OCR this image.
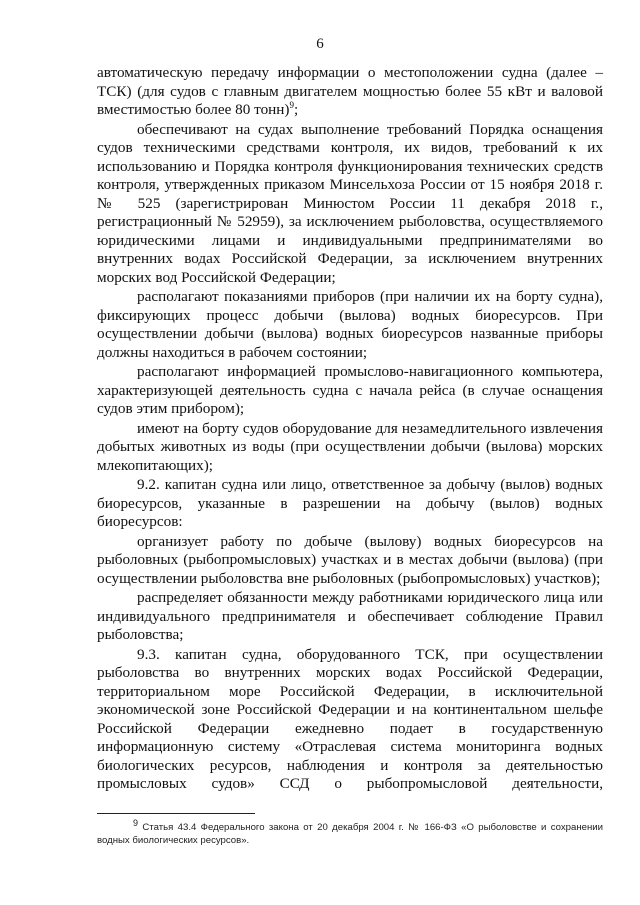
6

автоматическую передачу информации о местоположении судна (далее – ТСК) (для судов с главным двигателем мощностью более 55 кВт и валовой вместимостью более 80 тонн)$^9$;

обеспечивают на судах выполнение требований Порядка оснащения судов техническими средствами контроля, их видов, требований к их использованию и Порядка контроля функционирования технических средств контроля, утвержденных приказом Минсельхоза России от 15 ноября 2018 г. № 525 (зарегистрирован Минюстом России 11 декабря 2018 г., регистрационный № 52959), за исключением рыболовства, осуществляемого юридическими лицами и индивидуальными предпринимателями во внутренних водах Российской Федерации, за исключением внутренних морских вод Российской Федерации;

располагают показаниями приборов (при наличии их на борту судна), фиксирующих процесс добычи (вылова) водных биоресурсов. При осуществлении добычи (вылова) водных биоресурсов названные приборы должны находиться в рабочем состоянии;

располагают информацией промыслово-навигационного компьютера, характеризующей деятельность судна с начала рейса (в случае оснащения судов этим прибором);

имеют на борту судов оборудование для незамедлительного извлечения добытых животных из воды (при осуществлении добычи (вылова) морских млекопитающих);

9.2. капитан судна или лицо, ответственное за добычу (вылов) водных биоресурсов, указанные в разрешении на добычу (вылов) водных биоресурсов:

организует работу по добыче (вылову) водных биоресурсов на рыболовных (рыбопромысловых) участках и в местах добычи (вылова) (при осуществлении рыболовства вне рыболовных (рыбопромысловых) участков);

распределяет обязанности между работниками юридического лица или индивидуального предпринимателя и обеспечивает соблюдение Правил рыболовства;

9.3. капитан судна, оборудованного ТСК, при осуществлении рыболовства во внутренних морских водах Российской Федерации, территориальном море Российской Федерации, в исключительной экономической зоне Российской Федерации и на континентальном шельфе Российской Федерации ежедневно подает в государственную информационную систему «Отраслевая система мониторинга водных биологических ресурсов, наблюдения и контроля за деятельностью промысловых судов» ССД о рыбопромысловой деятельности,

$^9$ Статья 43.4 Федерального закона от 20 декабря 2004 г. № 166-ФЗ «О рыболовстве и сохранении водных биологических ресурсов».
